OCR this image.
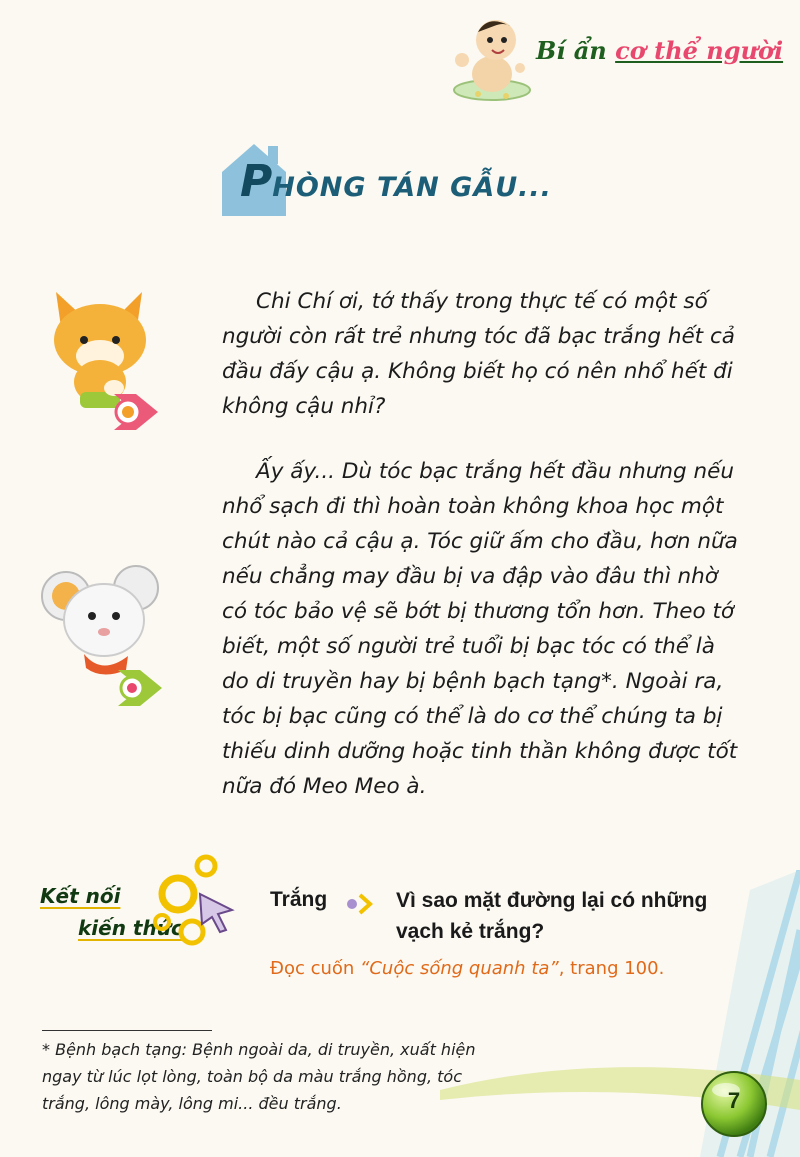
Bí ẩn cơ thể người
PHÒNG TÁN GẪU...
Chi Chí ơi, tớ thấy trong thực tế có một số người còn rất trẻ nhưng tóc đã bạc trắng hết cả đầu đấy cậu ạ. Không biết họ có nên nhổ hết đi không cậu nhỉ?
Ấy ấy... Dù tóc bạc trắng hết đầu nhưng nếu nhổ sạch đi thì hoàn toàn không khoa học một chút nào cả cậu ạ. Tóc giữ ấm cho đầu, hơn nữa nếu chẳng may đầu bị va đập vào đâu thì nhờ có tóc bảo vệ sẽ bớt bị thương tổn hơn. Theo tớ biết, một số người trẻ tuổi bị bạc tóc có thể là do di truyền hay bị bệnh bạch tạng*. Ngoài ra, tóc bị bạc cũng có thể là do cơ thể chúng ta bị thiếu dinh dưỡng hoặc tinh thần không được tốt nữa đó Meo Meo à.
Kết nối
kiến thức
Trắng	Vì sao mặt đường lại có những vạch kẻ trắng?
Đọc cuốn “Cuộc sống quanh ta”, trang 100.
* Bệnh bạch tạng: Bệnh ngoài da, di truyền, xuất hiện ngay từ lúc lọt lòng, toàn bộ da màu trắng hồng, tóc trắng, lông mày, lông mi... đều trắng.	7
